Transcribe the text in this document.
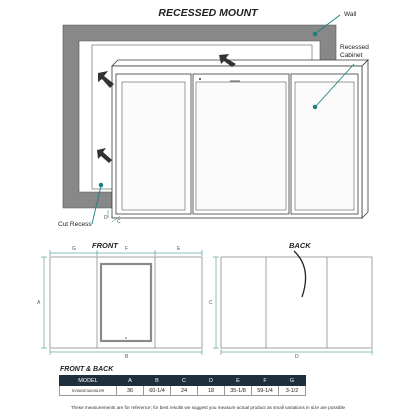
RECESSED MOUNT	Wall
Recessed Cabinet
Cut Recess
D
C
FRONT	BACK
G	F	E
A
B
C
D
FRONT & BACK
MODEL	A	B	C	D	E	F	G
SV3MGE3624SLRR	36	60-1/4	24	18	35-1/8	59-1/4	3-1/2
These measurements are for reference; for best results we suggest you measure actual product as small variations in size are possible
